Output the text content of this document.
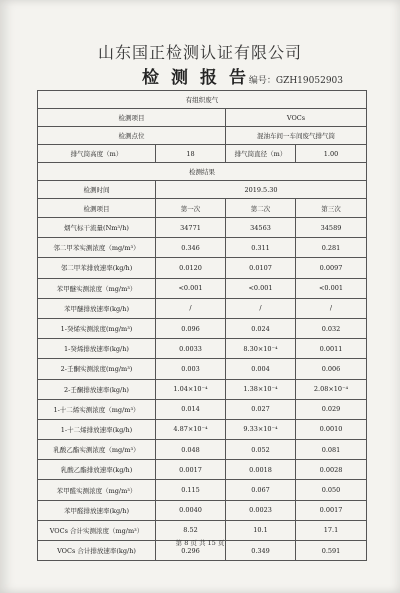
山东国正检测认证有限公司
检测报告
编号：GZH19052903
有组织废气			
检测项目		VOCs	
检测点位		混油车间一车间废气排气筒	
排气筒高度（m）	18	排气筒直径（m）	1.00
检测结果			
检测时间	2019.5.30		
检测项目	第一次	第二次	第三次
烟气标干流量(Nm³/h)	34771	34563	34589
邻二甲苯实测浓度（mg/m³）	0.346	0.311	0.281
邻二甲苯排放速率(kg/h)	0.0120	0.0107	0.0097
苯甲醚实测浓度（mg/m³）	<0.001	<0.001	<0.001
苯甲醚排放速率(kg/h)	/	/	/
1-癸烯实测浓度(mg/m³)	0.096	0.024	0.032
1-癸烯排放速率(kg/h)	0.0033	8.30×10⁻⁴	0.0011
2-壬酮实测浓度(mg/m³)	0.003	0.004	0.006
2-壬酮排放速率(kg/h)	1.04×10⁻⁴	1.38×10⁻⁴	2.08×10⁻⁴
1-十二烯实测浓度（mg/m³）	0.014	0.027	0.029
1-十二烯排放速率(kg/h)	4.87×10⁻⁴	9.33×10⁻⁴	0.0010
乳酸乙酯实测浓度（mg/m³）	0.048	0.052	0.081
乳酸乙酯排放速率(kg/h)	0.0017	0.0018	0.0028
苯甲醛实测浓度（mg/m³）	0.115	0.067	0.050
苯甲醛排放速率(kg/h)	0.0040	0.0023	0.0017
VOCs 合计实测浓度（mg/m³）	8.52	10.1	17.1
VOCs 合计排放速率(kg/h)	0.296	0.349	0.591
第 8 页 共 15 页
